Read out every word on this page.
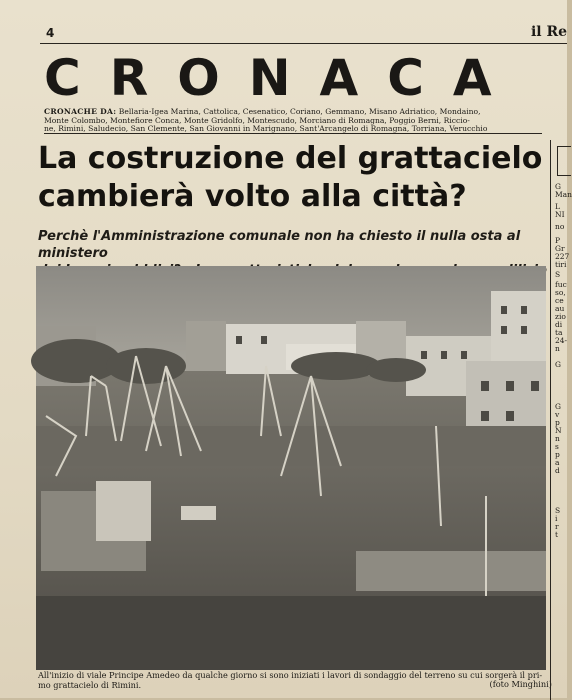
4	il Re
CRONACA
CRONACHE DA: Bellaria-Igea Marina, Cattolica, Cesenatico, Coriano, Gemmano, Misano Adriatico, Mondaino,
Monte Colombo, Montefiore Conca, Monte Gridolfo, Montescudo, Morciano di Romagna, Poggio Berni, Riccio-
ne, Rimini, Saludecio, San Clemente, San Giovanni in Marignano, Sant'Arcangelo di Romagna, Torriana, Verucchio
La costruzione del grattacielo
cambierà volto alla città?
Perchè l'Amministrazione comunale non ha chiesto il nulla osta al ministero
All'inizio di viale Principe Amedeo da qualche giorno si sono iniziati i lavori di sondaggio del terreno su cui sorgerà il pri-
mo grattacielo di Rimini.	(foto Minghini)
G
Man
L
NI
no
P
Gr
227
tiri
S
fuc
so,
ce
au
zio
di
ta
24-
n
G
G
v
p
N
n
s
p
a
d
S
i
r
t
